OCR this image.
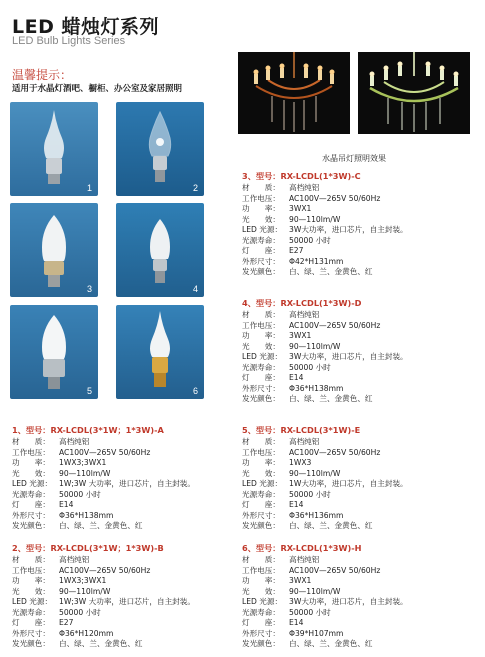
LED 蜡烛灯系列
LED Bulb Lights Series
温馨提示：
适用于水晶灯酒吧、橱柜、办公室及家居照明
1	2
3	4
5	6
水晶吊灯照明效果
3、型号：RX-LCDL(1*3W)-C
材　　质： 高档纯铝
工作电压： AC100V—265V 50/60Hz
功　　率： 3WX1
光　　效： 90—110lm/W
LED 光源： 3W大功率，进口芯片，自主封装。
光源寿命： 50000 小时
灯　　座： E27
外形尺寸： Φ42*H131mm
发光颜色： 白、绿、兰、金黄色、红
4、型号：RX-LCDL(1*3W)-D
材　　质： 高档纯铝
工作电压： AC100V—265V 50/60Hz
功　　率： 3WX1
光　　效： 90—110lm/W
LED 光源： 3W大功率，进口芯片，自主封装。
光源寿命： 50000 小时
灯　　座： E14
外形尺寸： Φ36*H138mm
发光颜色： 白、绿、兰、金黄色、红
1、型号：RX-LCDL(3*1W；1*3W)-A
材　　质： 高档纯铝
工作电压： AC100V—265V 50/60Hz
功　　率： 1WX3;3WX1
光　　效： 90—110lm/W
LED 光源： 1W;3W 大功率，进口芯片，自主封装。
光源寿命： 50000 小时
灯　　座： E14
外形尺寸： Φ36*H138mm
发光颜色： 白、绿、兰、金黄色、红
5、型号：RX-LCDL(3*1W)-E
材　　质： 高档纯铝
工作电压： AC100V—265V 50/60Hz
功　　率： 1WX3
光　　效： 90—110lm/W
LED 光源： 1W大功率，进口芯片，自主封装。
光源寿命： 50000 小时
灯　　座： E14
外形尺寸： Φ36*H136mm
发光颜色： 白、绿、兰、金黄色、红
2、型号：RX-LCDL(3*1W；1*3W)-B
材　　质： 高档纯铝
工作电压： AC100V—265V 50/60Hz
功　　率： 1WX3;3WX1
光　　效： 90—110lm/W
LED 光源： 1W;3W 大功率，进口芯片，自主封装。
光源寿命： 50000 小时
灯　　座： E27
外形尺寸： Φ36*H120mm
发光颜色： 白、绿、兰、金黄色、红
6、型号：RX-LCDL(1*3W)-H
材　　质： 高档纯铝
工作电压： AC100V—265V 50/60Hz
功　　率： 3WX1
光　　效： 90—110lm/W
LED 光源： 3W大功率，进口芯片，自主封装。
光源寿命： 50000 小时
灯　　座： E14
外形尺寸： Φ39*H107mm
发光颜色： 白、绿、兰、金黄色、红
